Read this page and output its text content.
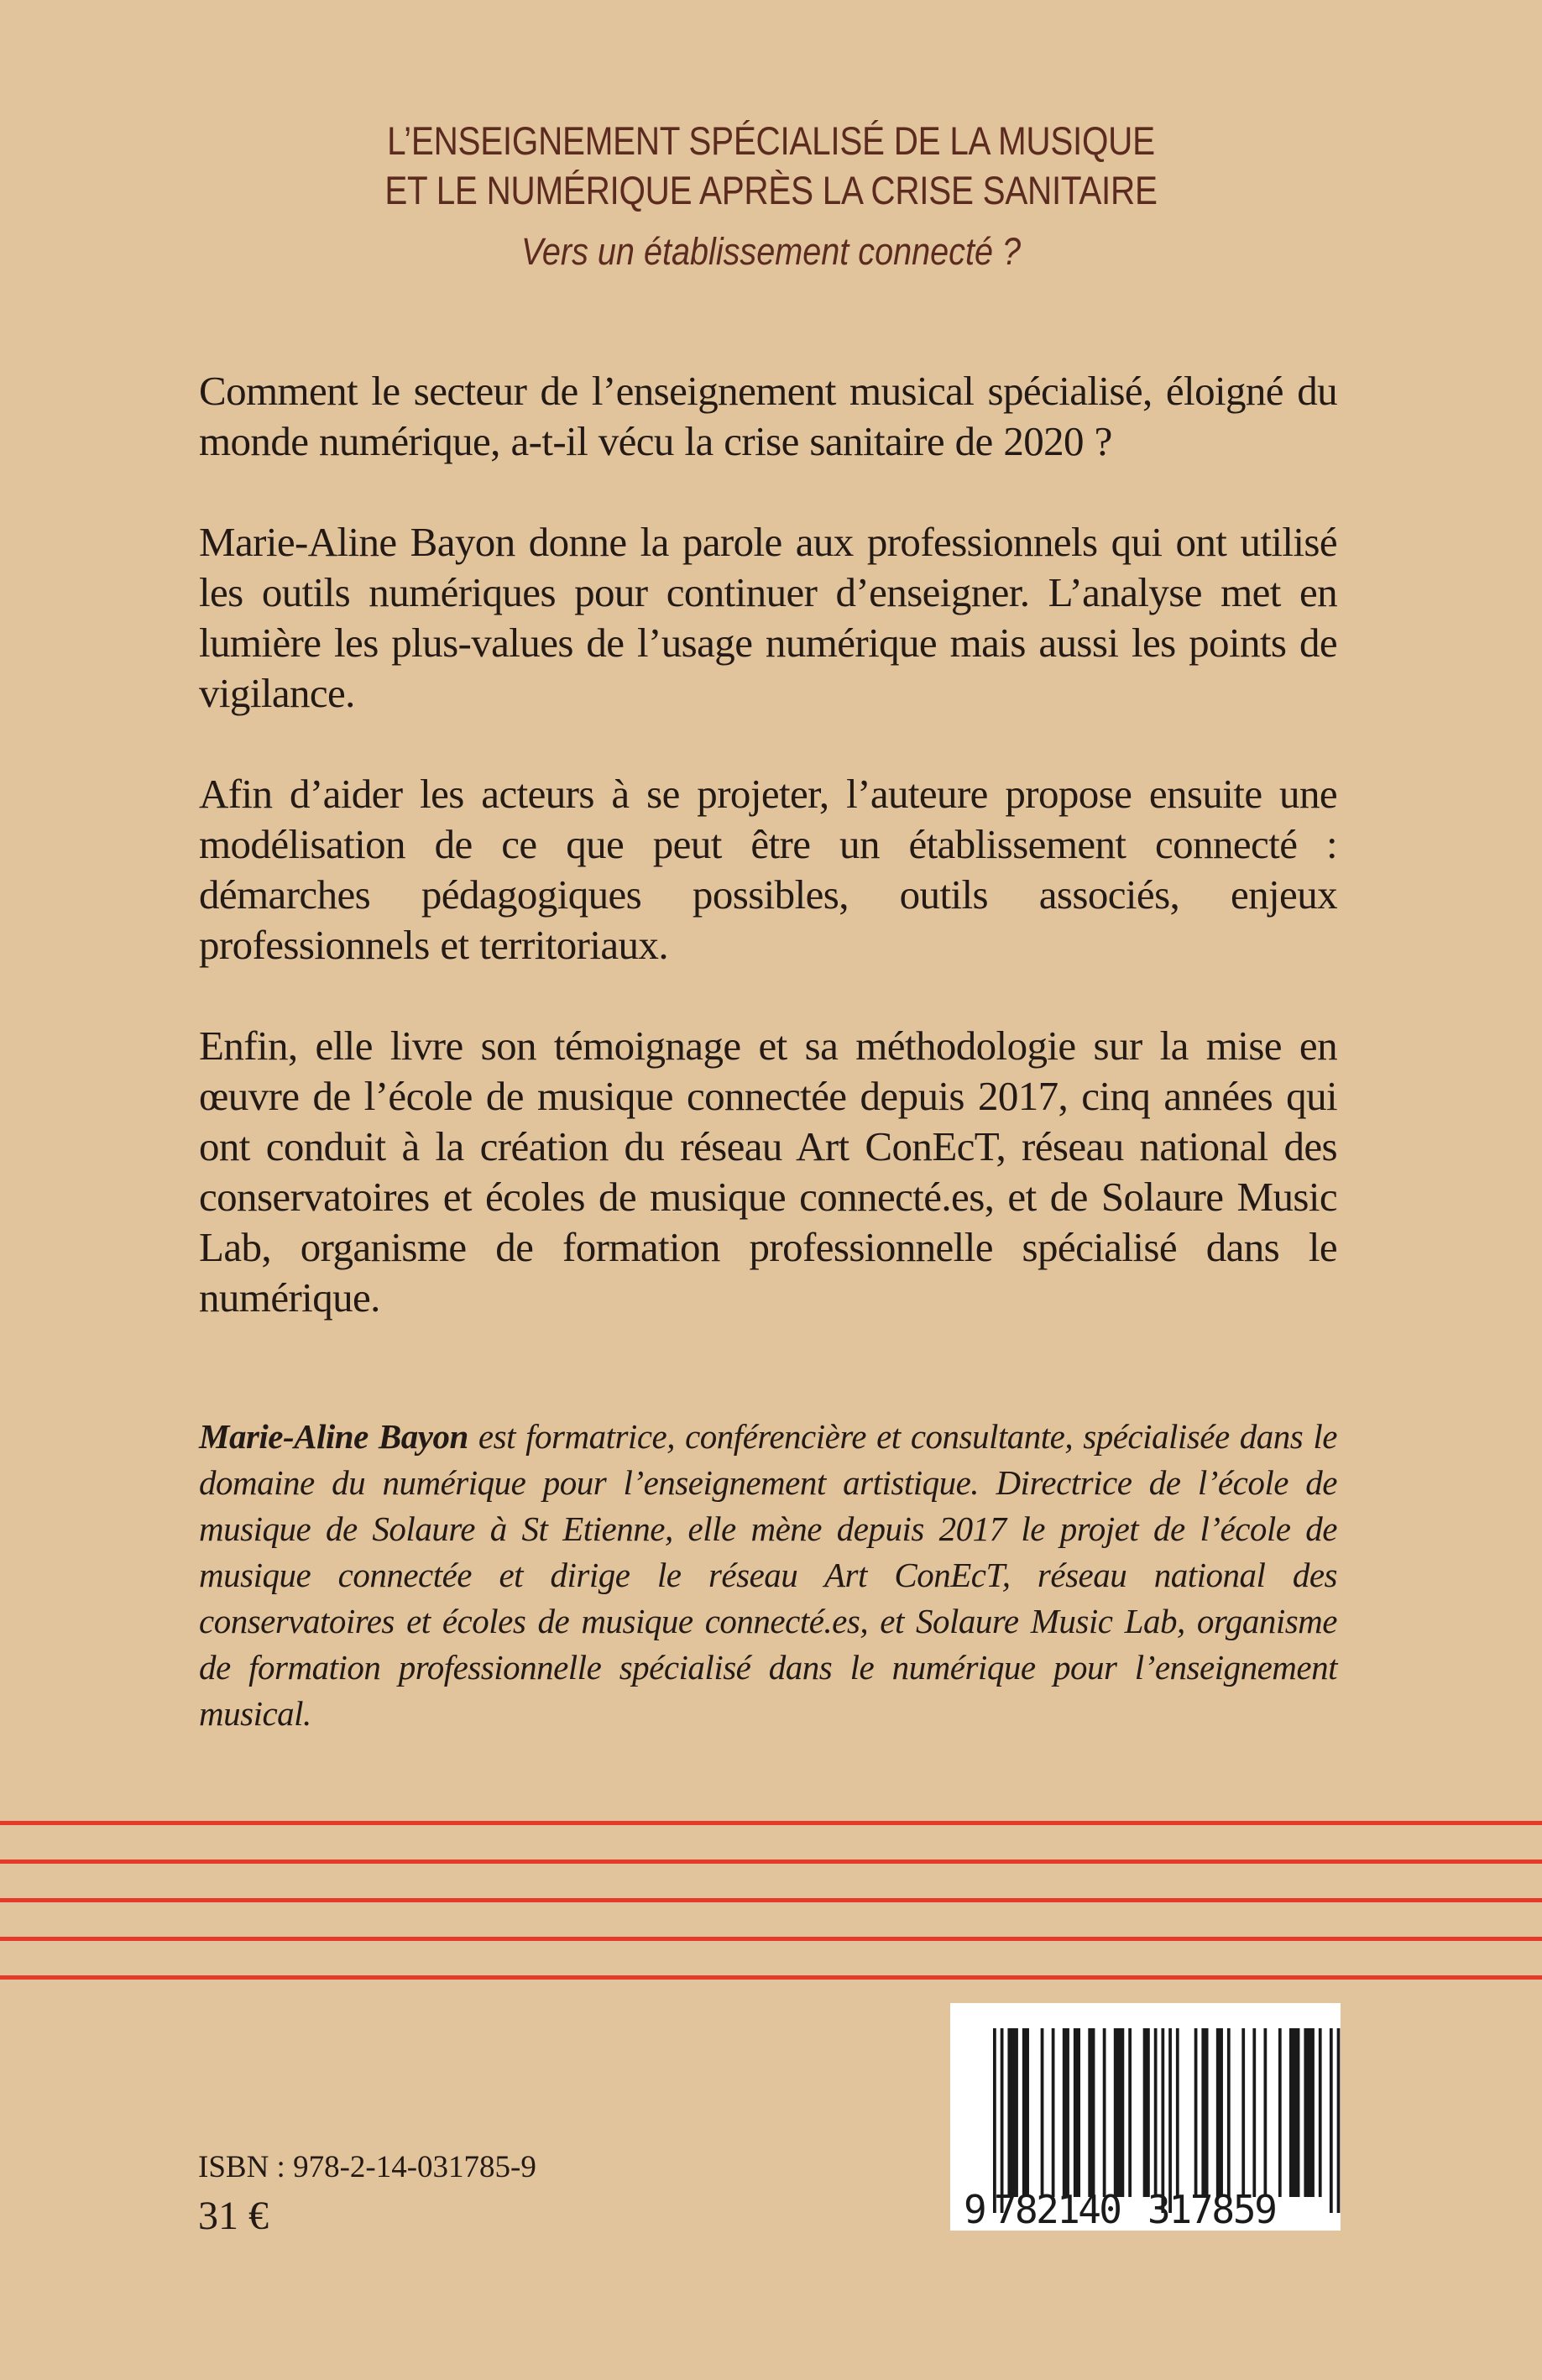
L’ENSEIGNEMENT SPÉCIALISÉ DE LA MUSIQUE
ET LE NUMÉRIQUE APRÈS LA CRISE SANITAIRE
Vers un établissement connecté ?

Comment le secteur de l’enseignement musical spécialisé, éloigné du monde numérique, a-t-il vécu la crise sanitaire de 2020 ?

Marie-Aline Bayon donne la parole aux professionnels qui ont utilisé les outils numériques pour continuer d’enseigner. L’analyse met en lumière les plus-values de l’usage numérique mais aussi les points de vigilance.

Afin d’aider les acteurs à se projeter, l’auteure propose ensuite une modélisation de ce que peut être un établissement connecté : démarches pédagogiques possibles, outils associés, enjeux professionnels et territoriaux.

Enfin, elle livre son témoignage et sa méthodologie sur la mise en œuvre de l’école de musique connectée depuis 2017, cinq années qui ont conduit à la création du réseau Art ConEcT, réseau national des conservatoires et écoles de musique connecté.es, et de Solaure Music Lab, organisme de formation professionnelle spécialisé dans le numérique.

Marie-Aline Bayon est formatrice, conférencière et consultante, spécialisée dans le domaine du numérique pour l’enseignement artistique. Directrice de l’école de musique de Solaure à St Etienne, elle mène depuis 2017 le projet de l’école de musique connectée et dirige le réseau Art ConEcT, réseau national des conservatoires et écoles de musique connecté.es, et Solaure Music Lab, organisme de formation professionnelle spécialisé dans le numérique pour l’enseignement musical.
ISBN : 978-2-14-031785-9
31 €	9 782140 317859
